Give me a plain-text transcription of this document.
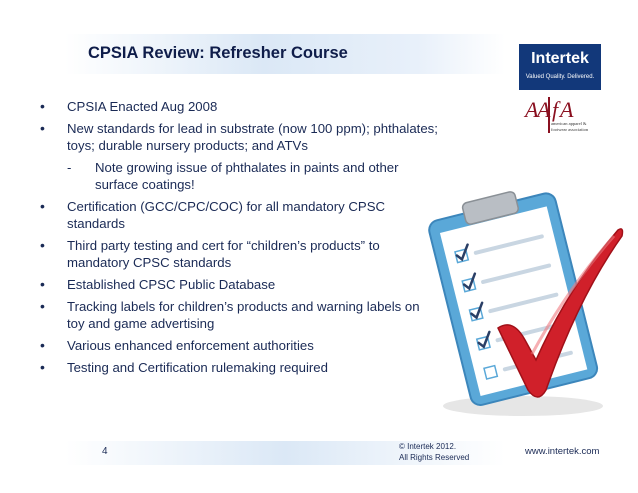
CPSIA Review: Refresher Course	Intertek
Valued Quality. Delivered.
A
A f A
american apparel &
footwear association
• CPSIA Enacted Aug 2008
• New standards for lead in substrate (now 100 ppm); phthalates; toys; durable nursery products; and ATVs
- Note growing issue of phthalates in paints and other surface coatings!
• Certification (GCC/CPC/COC) for all mandatory CPSC standards
• Third party testing and cert for “children’s products” to mandatory CPSC standards
• Established CPSC Public Database
• Tracking labels for children’s products and warning labels on toy and game advertising
• Various enhanced enforcement authorities
• Testing and Certification rulemaking required
4	© Intertek 2012.
All Rights Reserved
www.intertek.com
